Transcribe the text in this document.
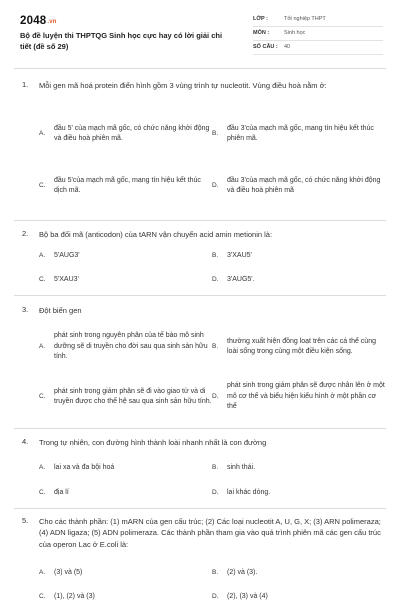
2048.vn
Bộ đề luyện thi THPTQG Sinh học cực hay có lời giải chi tiết (đề số 29)
LỚP :	Tốt nghiệp THPT
MÔN :	Sinh học
SỐ CÂU :	40
1. Mỗi gen mã hoá protein điển hình gồm 3 vùng trình tự nucleotit. Vùng điều hoà nằm ở:
A.
đầu 5' của mạch mã gốc, có chức năng khởi động và điều hoà phiên mã.
B.
đầu 3'của mạch mã gốc, mang tín hiệu kết thúc phiên mã.
C.
đầu 5'của mạch mã gốc, mang tín hiệu kết thúc dịch mã.
D.
đầu 3'của mạch mã gốc, có chức năng khởi động và điều hoà phiên mã
2. Bộ ba đối mã (anticodon) của tARN vận chuyển acid amin metionin là:
A.	5'AUG3'	B.	3'XAU5'
C.	5'XAU3'	D.	3'AUG5'.
3. Đột biến gen
A.
phát sinh trong nguyên phân của tế bào mô sinh dưỡng sẽ di truyền cho đời sau qua sinh sản hữu tính.
B.
thường xuất hiện đồng loạt trên các cá thể cùng loài sống trong cùng một điều kiện sống.
C.
phát sinh trong giảm phân sẽ đi vào giao tử và di truyền được cho thế hệ sau qua sinh sản hữu tính.
D.
phát sinh trong giảm phân sẽ được nhân lên ở một mô cơ thể và biểu hiện kiểu hình ở một phần cơ thể
4. Trong tự nhiên, con đường hình thành loài nhanh nhất là con đường
A.	lai xa và đa bội hoá	B.	sinh thái.
C.	địa lí	D.	lai khác dòng.
5. Cho các thành phần: (1) mARN của gen cấu trúc; (2) Các loại nucleotit A, U, G, X; (3) ARN polimeraza; (4) ADN ligaza; (5) ADN polimeraza. Các thành phần tham gia vào quá trình phiên mã các gen cấu trúc của operon Lac ở E.coli là:
A.	(3) và (5)	B.	(2) và (3).
C.	(1), (2) và (3)	D.	(2), (3) và (4)
